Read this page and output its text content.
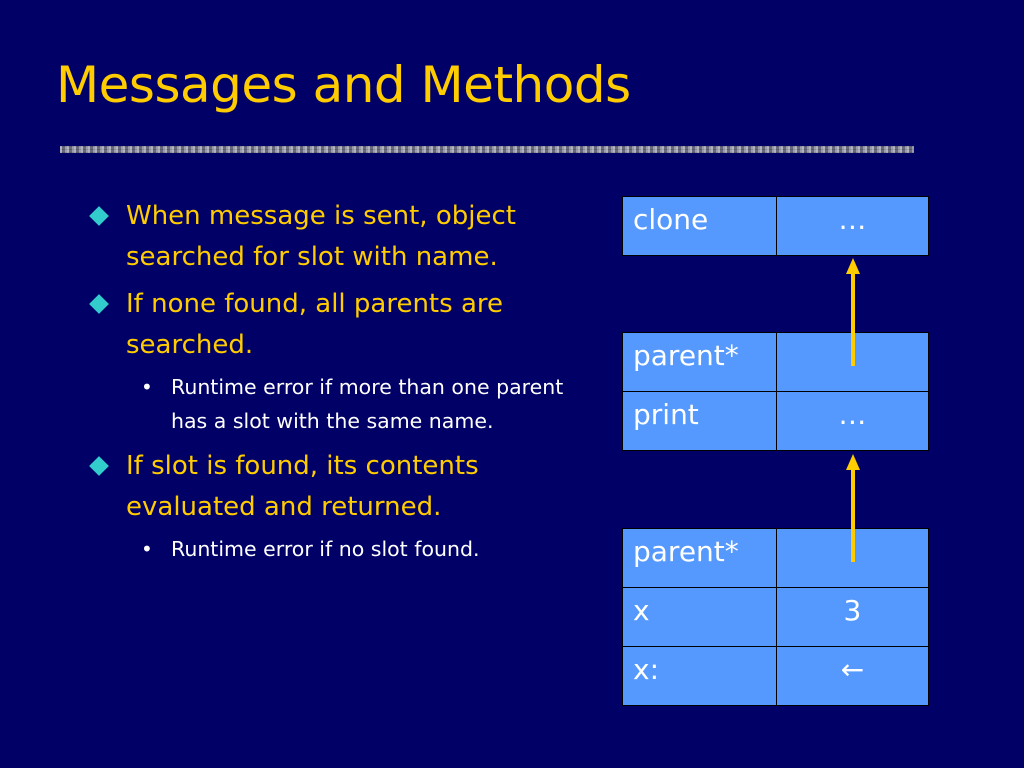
Messages and Methods
When message is sent, object searched for slot with name.
If none found, all parents are searched.
• Runtime error if more than one parent has a slot with the same name.
If slot is found, its contents evaluated and returned.
• Runtime error if no slot found.
clone	…
parent*	
print	…
parent*	
x	3
x:	←
